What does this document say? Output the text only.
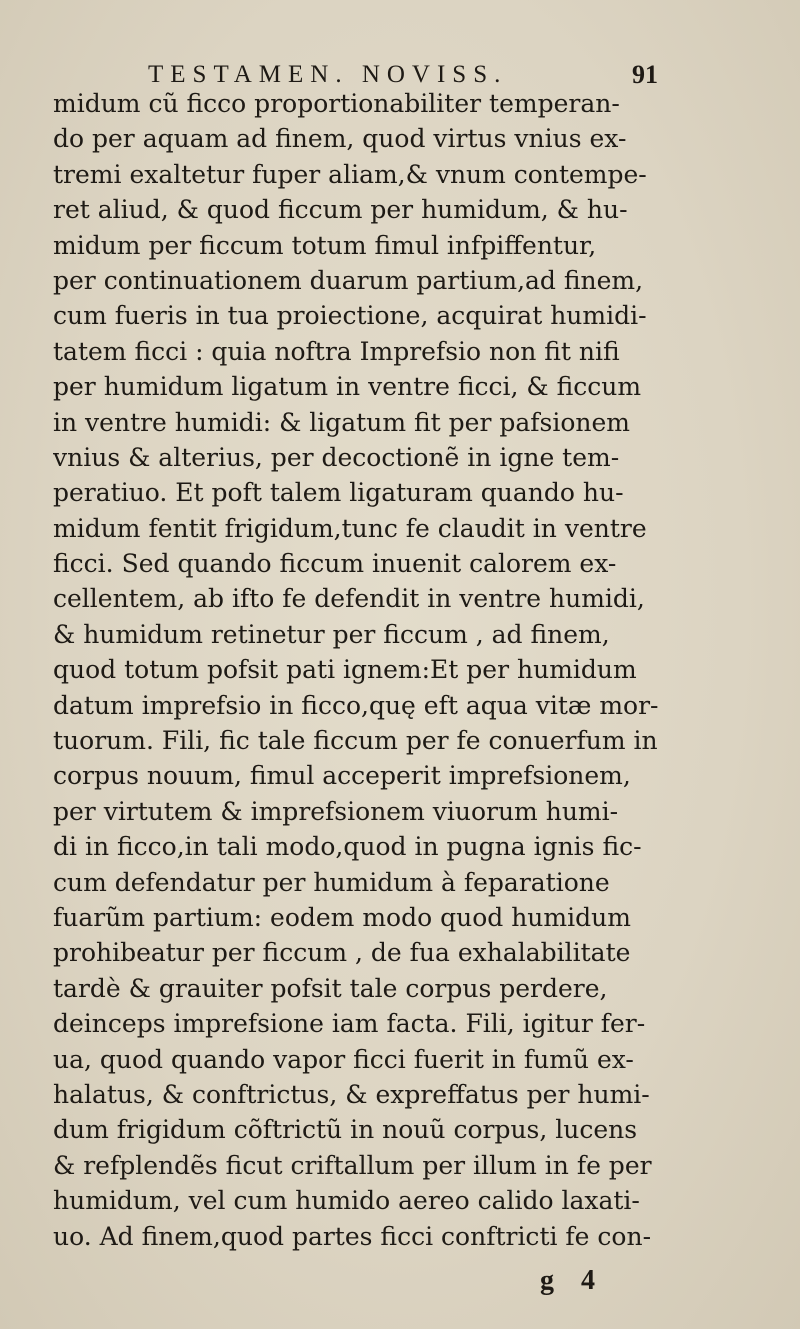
TESTAMEN. NOVISS.	91
midum cũ ficco proportionabiliter temperan-
do per aquam ad finem, quod virtus vnius ex-
tremi exaltetur fuper aliam,& vnum contempe-
ret aliud, & quod ficcum per humidum, & hu-
midum per ficcum totum fimul infpiffentur,
per continuationem duarum partium,ad finem,
cum fueris in tua proiectione, acquirat humidi-
tatem ficci : quia noftra Imprefsio non fit nifi
per humidum ligatum in ventre ficci, & ficcum
in ventre humidi: & ligatum fit per pafsionem
vnius & alterius, per decoctionẽ in igne tem-
peratiuo. Et poft talem ligaturam quando hu-
midum fentit frigidum,tunc fe claudit in ventre
ficci. Sed quando ficcum inuenit calorem ex-
cellentem, ab ifto fe defendit in ventre humidi,
& humidum retinetur per ficcum , ad finem,
quod totum pofsit pati ignem:Et per humidum
datum imprefsio in ficco,quę eft aqua vitæ mor-
tuorum. Fili, fic tale ficcum per fe conuerfum in
corpus nouum, fimul acceperit imprefsionem,
per virtutem & imprefsionem viuorum humi-
di in ficco,in tali modo,quod in pugna ignis fic-
cum defendatur per humidum à feparatione
fuarũm partium: eodem modo quod humidum
prohibeatur per ficcum , de fua exhalabilitate
tardè & grauiter pofsit tale corpus perdere,
deinceps imprefsione iam facta. Fili, igitur fer-
ua, quod quando vapor ficci fuerit in fumũ ex-
halatus, & conftrictus, & expreffatus per humi-
dum frigidum cõftrictũ in nouũ corpus, lucens
& refplendẽs ficut criftallum per illum in fe per
humidum, vel cum humido aereo calido laxati-
uo. Ad finem,quod partes ficci conftricti fe con-
g 4
